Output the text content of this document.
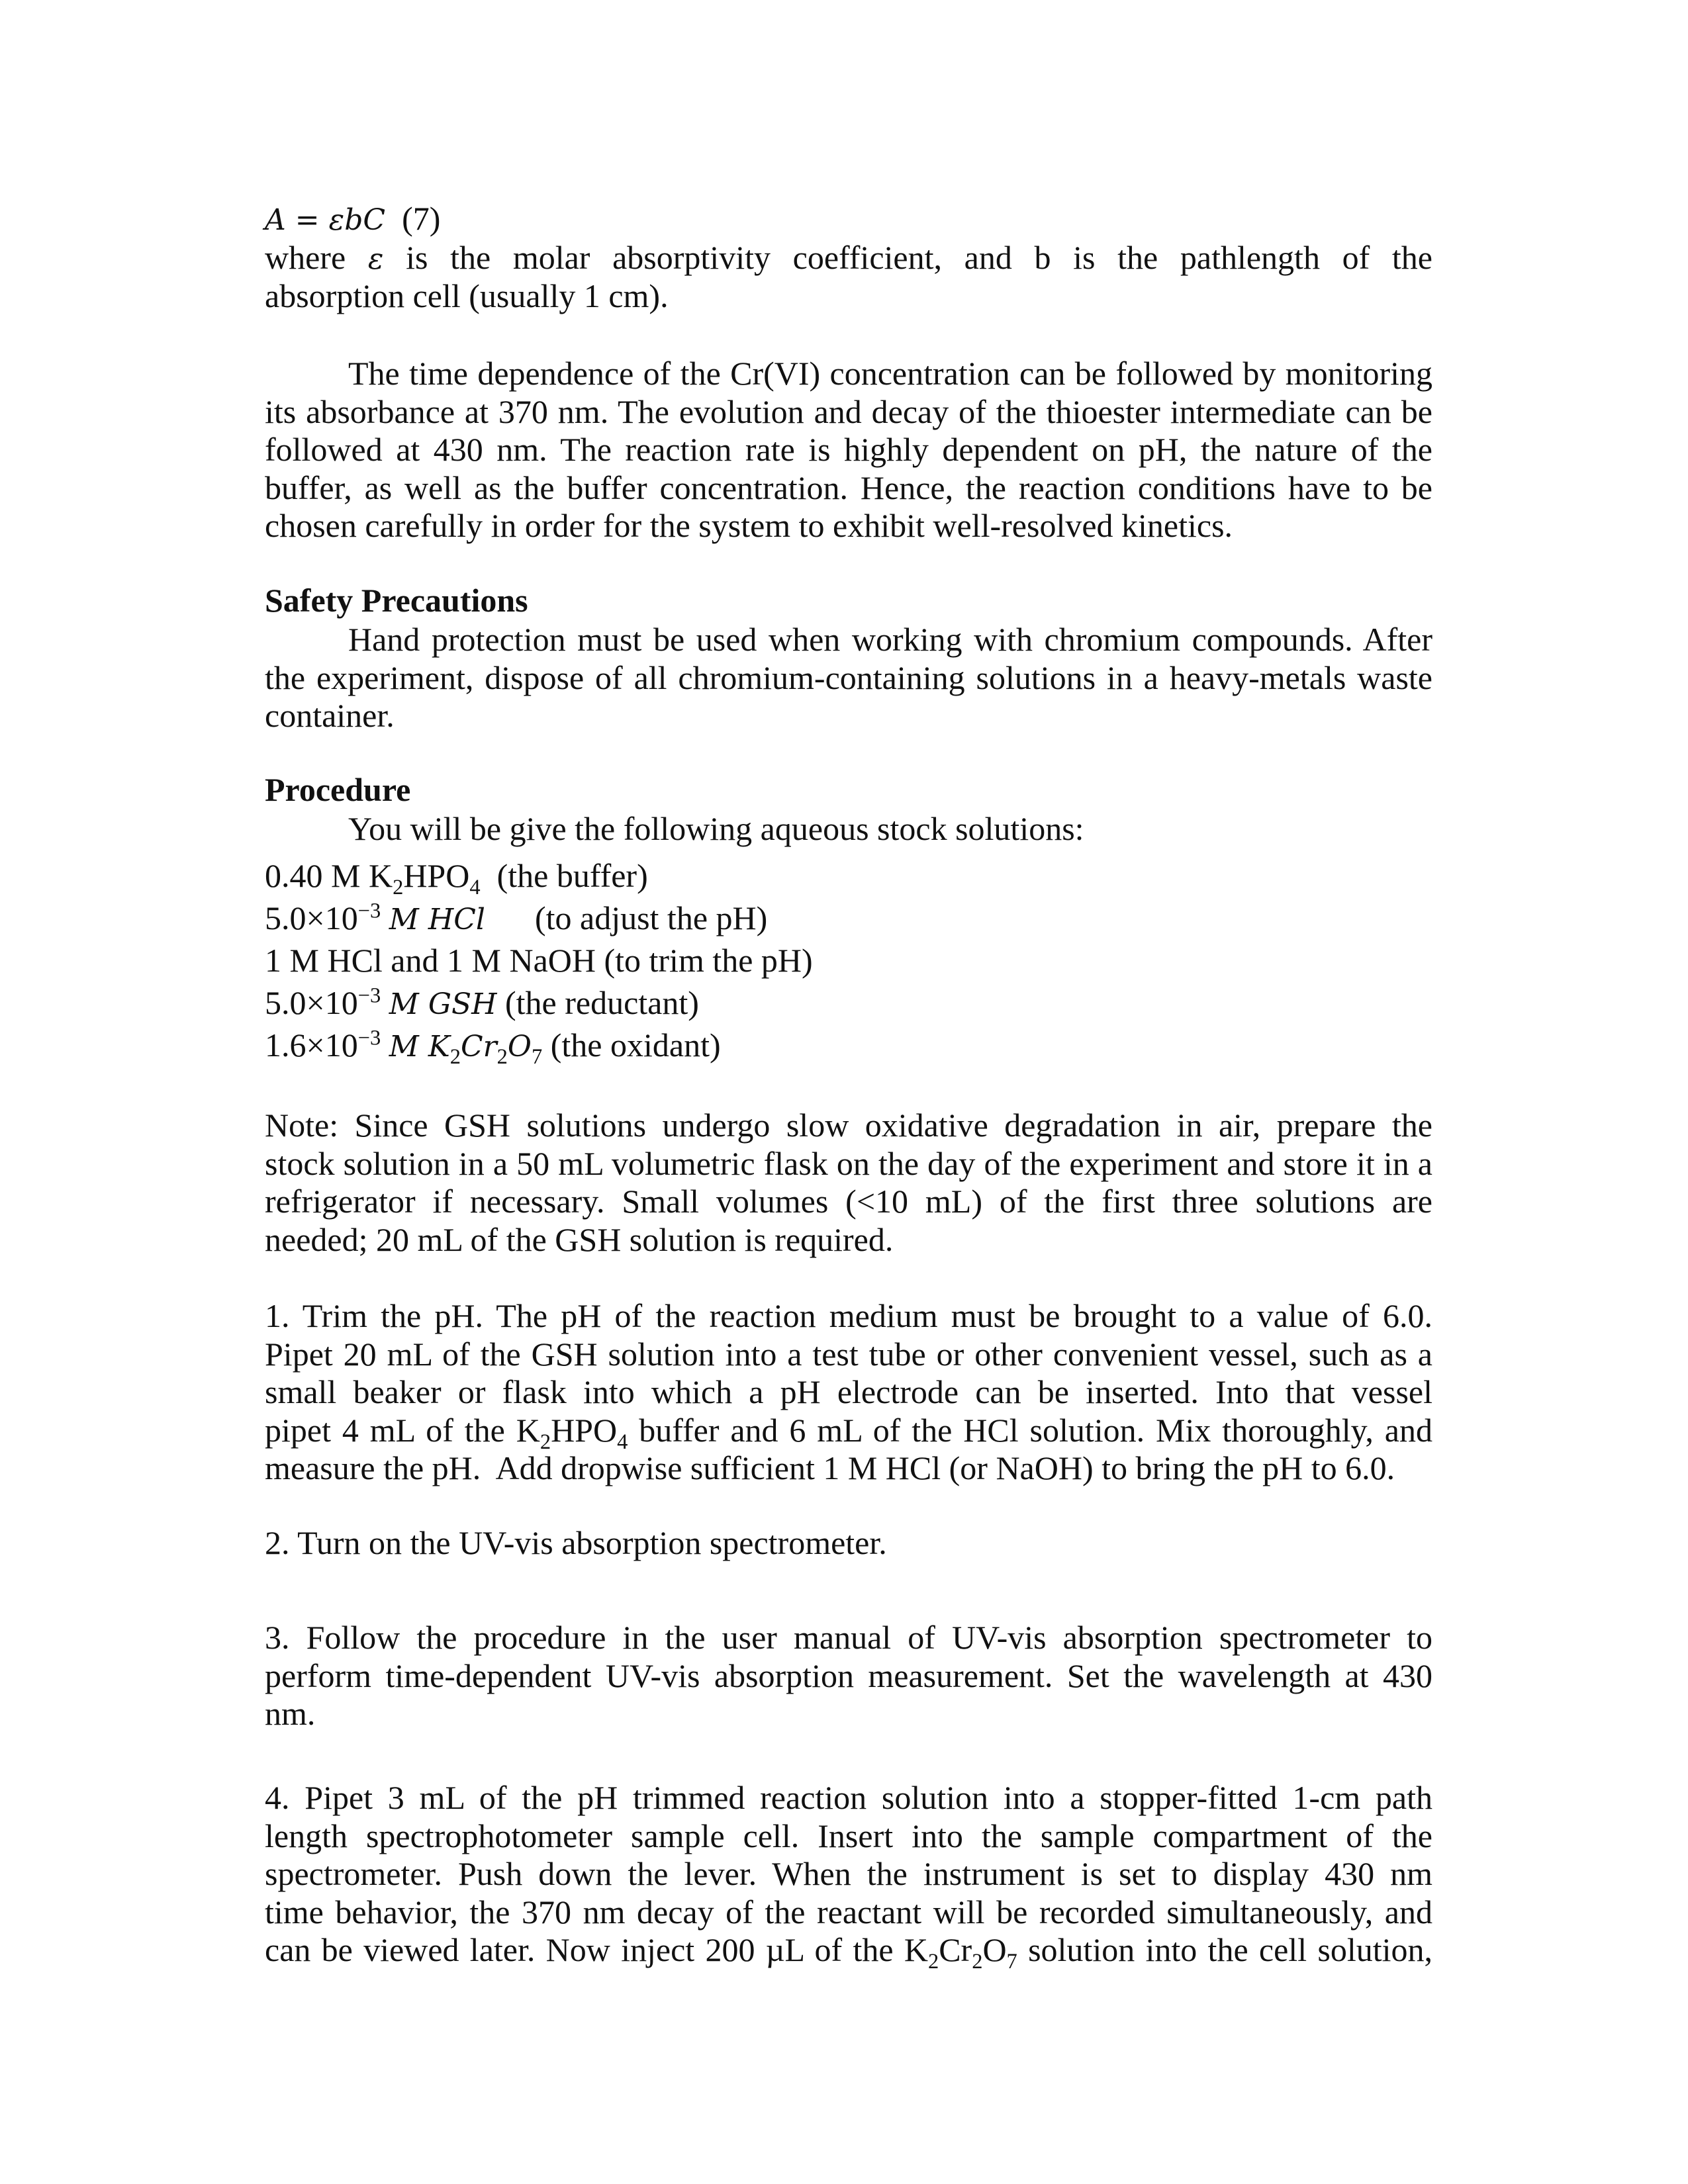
A = εbC  (7)
where ε is the molar absorptivity coefficient, and b is the pathlength of the
absorption cell (usually 1 cm).
The time dependence of the Cr(VI) concentration can be followed by monitoring
its absorbance at 370 nm. The evolution and decay of the thioester intermediate can be
followed at 430 nm. The reaction rate is highly dependent on pH, the nature of the
buffer, as well as the buffer concentration. Hence, the reaction conditions have to be
chosen carefully in order for the system to exhibit well-resolved kinetics.
Safety Precautions
Hand protection must be used when working with chromium compounds. After
the experiment, dispose of all chromium-containing solutions in a heavy-metals waste
container.
Procedure
You will be give the following aqueous stock solutions:
0.40 M $K_2HPO_4$  (the buffer)
$5.0\times 10^{-3}$ M HCl      (to adjust the pH)
1 M HCl and 1 M NaOH (to trim the pH)
$5.0\times 10^{-3}$ M GSH (the reductant)
$1.6\times 10^{-3}$ M $K_2Cr_2O_7$ (the oxidant)
Note: Since GSH solutions undergo slow oxidative degradation in air, prepare the
stock solution in a 50 mL volumetric flask on the day of the experiment and store it in a
refrigerator if necessary. Small volumes (<10 mL) of the first three solutions are
needed; 20 mL of the GSH solution is required.
1. Trim the pH. The pH of the reaction medium must be brought to a value of 6.0.
Pipet 20 mL of the GSH solution into a test tube or other convenient vessel, such as a
small beaker or flask into which a pH electrode can be inserted. Into that vessel
pipet 4 mL of the $K_2HPO_4$ buffer and 6 mL of the HCl solution. Mix thoroughly, and
measure the pH.  Add dropwise sufficient 1 M HCl (or NaOH) to bring the pH to 6.0.
2. Turn on the UV-vis absorption spectrometer.
3. Follow the procedure in the user manual of UV-vis absorption spectrometer to
perform time-dependent UV-vis absorption measurement. Set the wavelength at 430
nm.
4. Pipet 3 mL of the pH trimmed reaction solution into a stopper-fitted 1-cm path
length spectrophotometer sample cell. Insert into the sample compartment of the
spectrometer. Push down the lever. When the instrument is set to display 430 nm
time behavior, the 370 nm decay of the reactant will be recorded simultaneously, and
can be viewed later. Now inject 200 µL of the $K_2Cr_2O_7$ solution into the cell solution,
